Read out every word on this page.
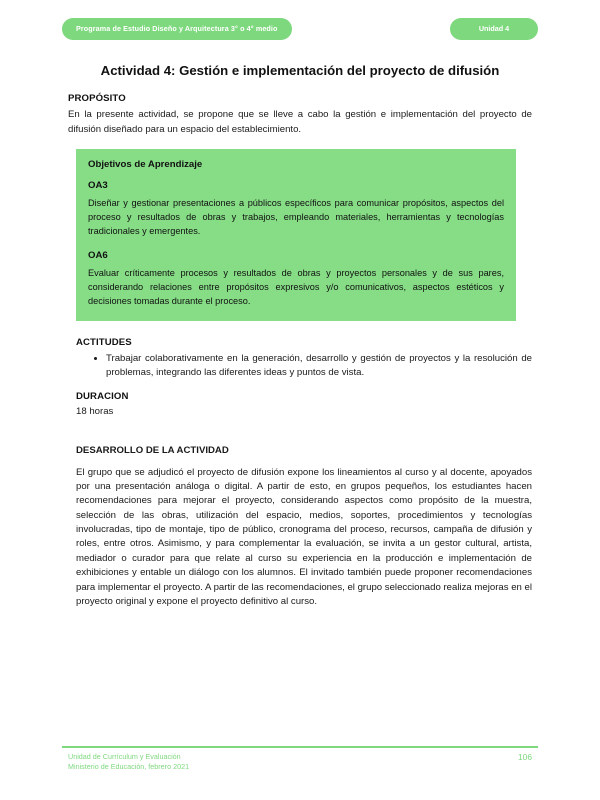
Programa de Estudio Diseño y Arquitectura 3° o 4° medio	Unidad 4
Actividad 4: Gestión e implementación del proyecto de difusión
PROPÓSITO

En la presente actividad, se propone que se lleve a cabo la gestión e implementación del proyecto de difusión diseñado para un espacio del establecimiento.

Objetivos de Aprendizaje
OA3

Diseñar y gestionar presentaciones a públicos específicos para comunicar propósitos, aspectos del proceso y resultados de obras y trabajos, empleando materiales, herramientas y tecnologías tradicionales y emergentes.

OA6

Evaluar críticamente procesos y resultados de obras y proyectos personales y de sus pares, considerando relaciones entre propósitos expresivos y/o comunicativos, aspectos estéticos y decisiones tomadas durante el proceso.

ACTITUDES
• Trabajar colaborativamente en la generación, desarrollo y gestión de proyectos y la resolución de problemas, integrando las diferentes ideas y puntos de vista.
DURACION
18 horas
DESARROLLO DE LA ACTIVIDAD

El grupo que se adjudicó el proyecto de difusión expone los lineamientos al curso y al docente, apoyados por una presentación análoga o digital. A partir de esto, en grupos pequeños, los estudiantes hacen recomendaciones para mejorar el proyecto, considerando aspectos como propósito de la muestra, selección de las obras, utilización del espacio, medios, soportes, procedimientos y tecnologías involucradas, tipo de montaje, tipo de público, cronograma del proceso, recursos, campaña de difusión y roles, entre otros. Asimismo, y para complementar la evaluación, se invita a un gestor cultural, artista, mediador o curador para que relate al curso su experiencia en la producción e implementación de exhibiciones y entable un diálogo con los alumnos. El invitado también puede proponer recomendaciones para implementar el proyecto. A partir de las recomendaciones, el grupo seleccionado realiza mejoras en el proyecto original y expone el proyecto definitivo al curso.

Unidad de Currículum y Evaluación
Ministerio de Educación, febrero 2021
106
